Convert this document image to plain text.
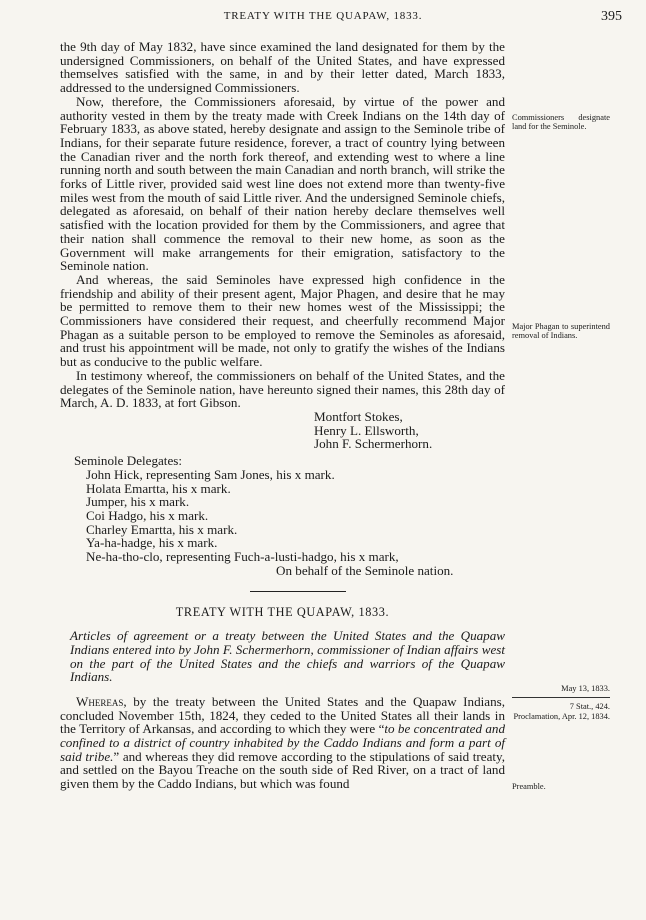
TREATY WITH THE QUAPAW, 1833.	395

the 9th day of May 1832, have since examined the land designated for them by the undersigned Commissioners, on behalf of the United States, and have expressed themselves satisfied with the same, in and by their letter dated, March 1833, addressed to the undersigned Commissioners.

Now, therefore, the Commissioners aforesaid, by virtue of the power and authority vested in them by the treaty made with Creek Indians on the 14th day of February 1833, as above stated, hereby designate and assign to the Seminole tribe of Indians, for their separate future residence, forever, a tract of country lying between the Canadian river and the north fork thereof, and extending west to where a line running north and south between the main Canadian and north branch, will strike the forks of Little river, provided said west line does not extend more than twenty-five miles west from the mouth of said Little river. And the undersigned Seminole chiefs, delegated as aforesaid, on behalf of their nation hereby declare themselves well satisfied with the location provided for them by the Commissioners, and agree that their nation shall commence the removal to their new home, as soon as the Government will make arrangements for their emigration, satisfactory to the Seminole nation.

And whereas, the said Seminoles have expressed high confidence in the friendship and ability of their present agent, Major Phagen, and desire that he may be permitted to remove them to their new homes west of the Mississippi; the Commissioners have considered their request, and cheerfully recommend Major Phagan as a suitable person to be employed to remove the Seminoles as aforesaid, and trust his appointment will be made, not only to gratify the wishes of the Indians but as conducive to the public welfare.

In testimony whereof, the commissioners on behalf of the United States, and the delegates of the Seminole nation, have hereunto signed their names, this 28th day of March, A. D. 1833, at fort Gibson.

Montfort Stokes,
Henry L. Ellsworth,
John F. Schermerhorn.
Seminole Delegates:
John Hick, representing Sam Jones, his x mark.
Holata Emartta, his x mark.
Jumper, his x mark.
Coi Hadgo, his x mark.
Charley Emartta, his x mark.
Ya-ha-hadge, his x mark.
Ne-ha-tho-clo, representing Fuch-a-lusti-hadgo, his x mark,
On behalf of the Seminole nation.
TREATY WITH THE QUAPAW, 1833.

Articles of agreement or a treaty between the United States and the Quapaw Indians entered into by John F. Schermerhorn, commissioner of Indian affairs west on the part of the United States and the chiefs and warriors of the Quapaw Indians.

Whereas, by the treaty between the United States and the Quapaw Indians, concluded November 15th, 1824, they ceded to the United States all their lands in the Territory of Arkansas, and according to which they were “to be concentrated and confined to a district of country inhabited by the Caddo Indians and form a part of said tribe.” and whereas they did remove according to the stipulations of said treaty, and settled on the Bayou Treache on the south side of Red River, on a tract of land given them by the Caddo Indians, but which was found

Commissioners designate land for the Seminole.
Major Phagan to superintend removal of Indians.
May 13, 1833.
7 Stat., 424.
Proclamation, Apr. 12, 1834.
Preamble.
